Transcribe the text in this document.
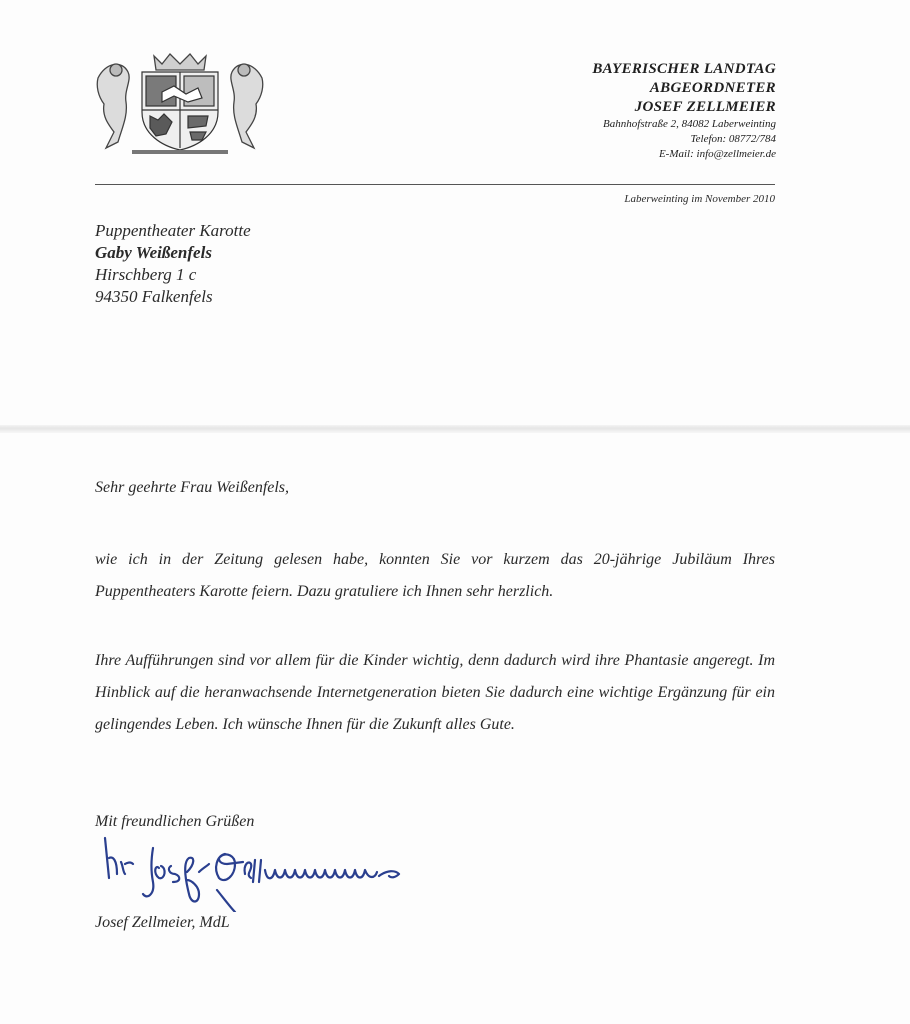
BAYERISCHER LANDTAG
ABGEORDNETER
JOSEF ZELLMEIER
Bahnhofstraße 2, 84082 Laberweinting
Telefon: 08772/784
E-Mail: info@zellmeier.de
Laberweinting im November 2010
Puppentheater Karotte
Gaby Weißenfels
Hirschberg 1 c
94350 Falkenfels
Sehr geehrte Frau Weißenfels,
wie ich in der Zeitung gelesen habe, konnten Sie vor kurzem das 20-jährige Jubiläum Ihres Puppentheaters Karotte feiern. Dazu gratuliere ich Ihnen sehr herzlich.
Ihre Aufführungen sind vor allem für die Kinder wichtig, denn dadurch wird ihre Phantasie angeregt. Im Hinblick auf die heranwachsende Internetgeneration bieten Sie dadurch eine wichtige Ergänzung für ein gelingendes Leben. Ich wünsche Ihnen für die Zukunft alles Gute.
Mit freundlichen Grüßen
Josef Zellmeier, MdL
